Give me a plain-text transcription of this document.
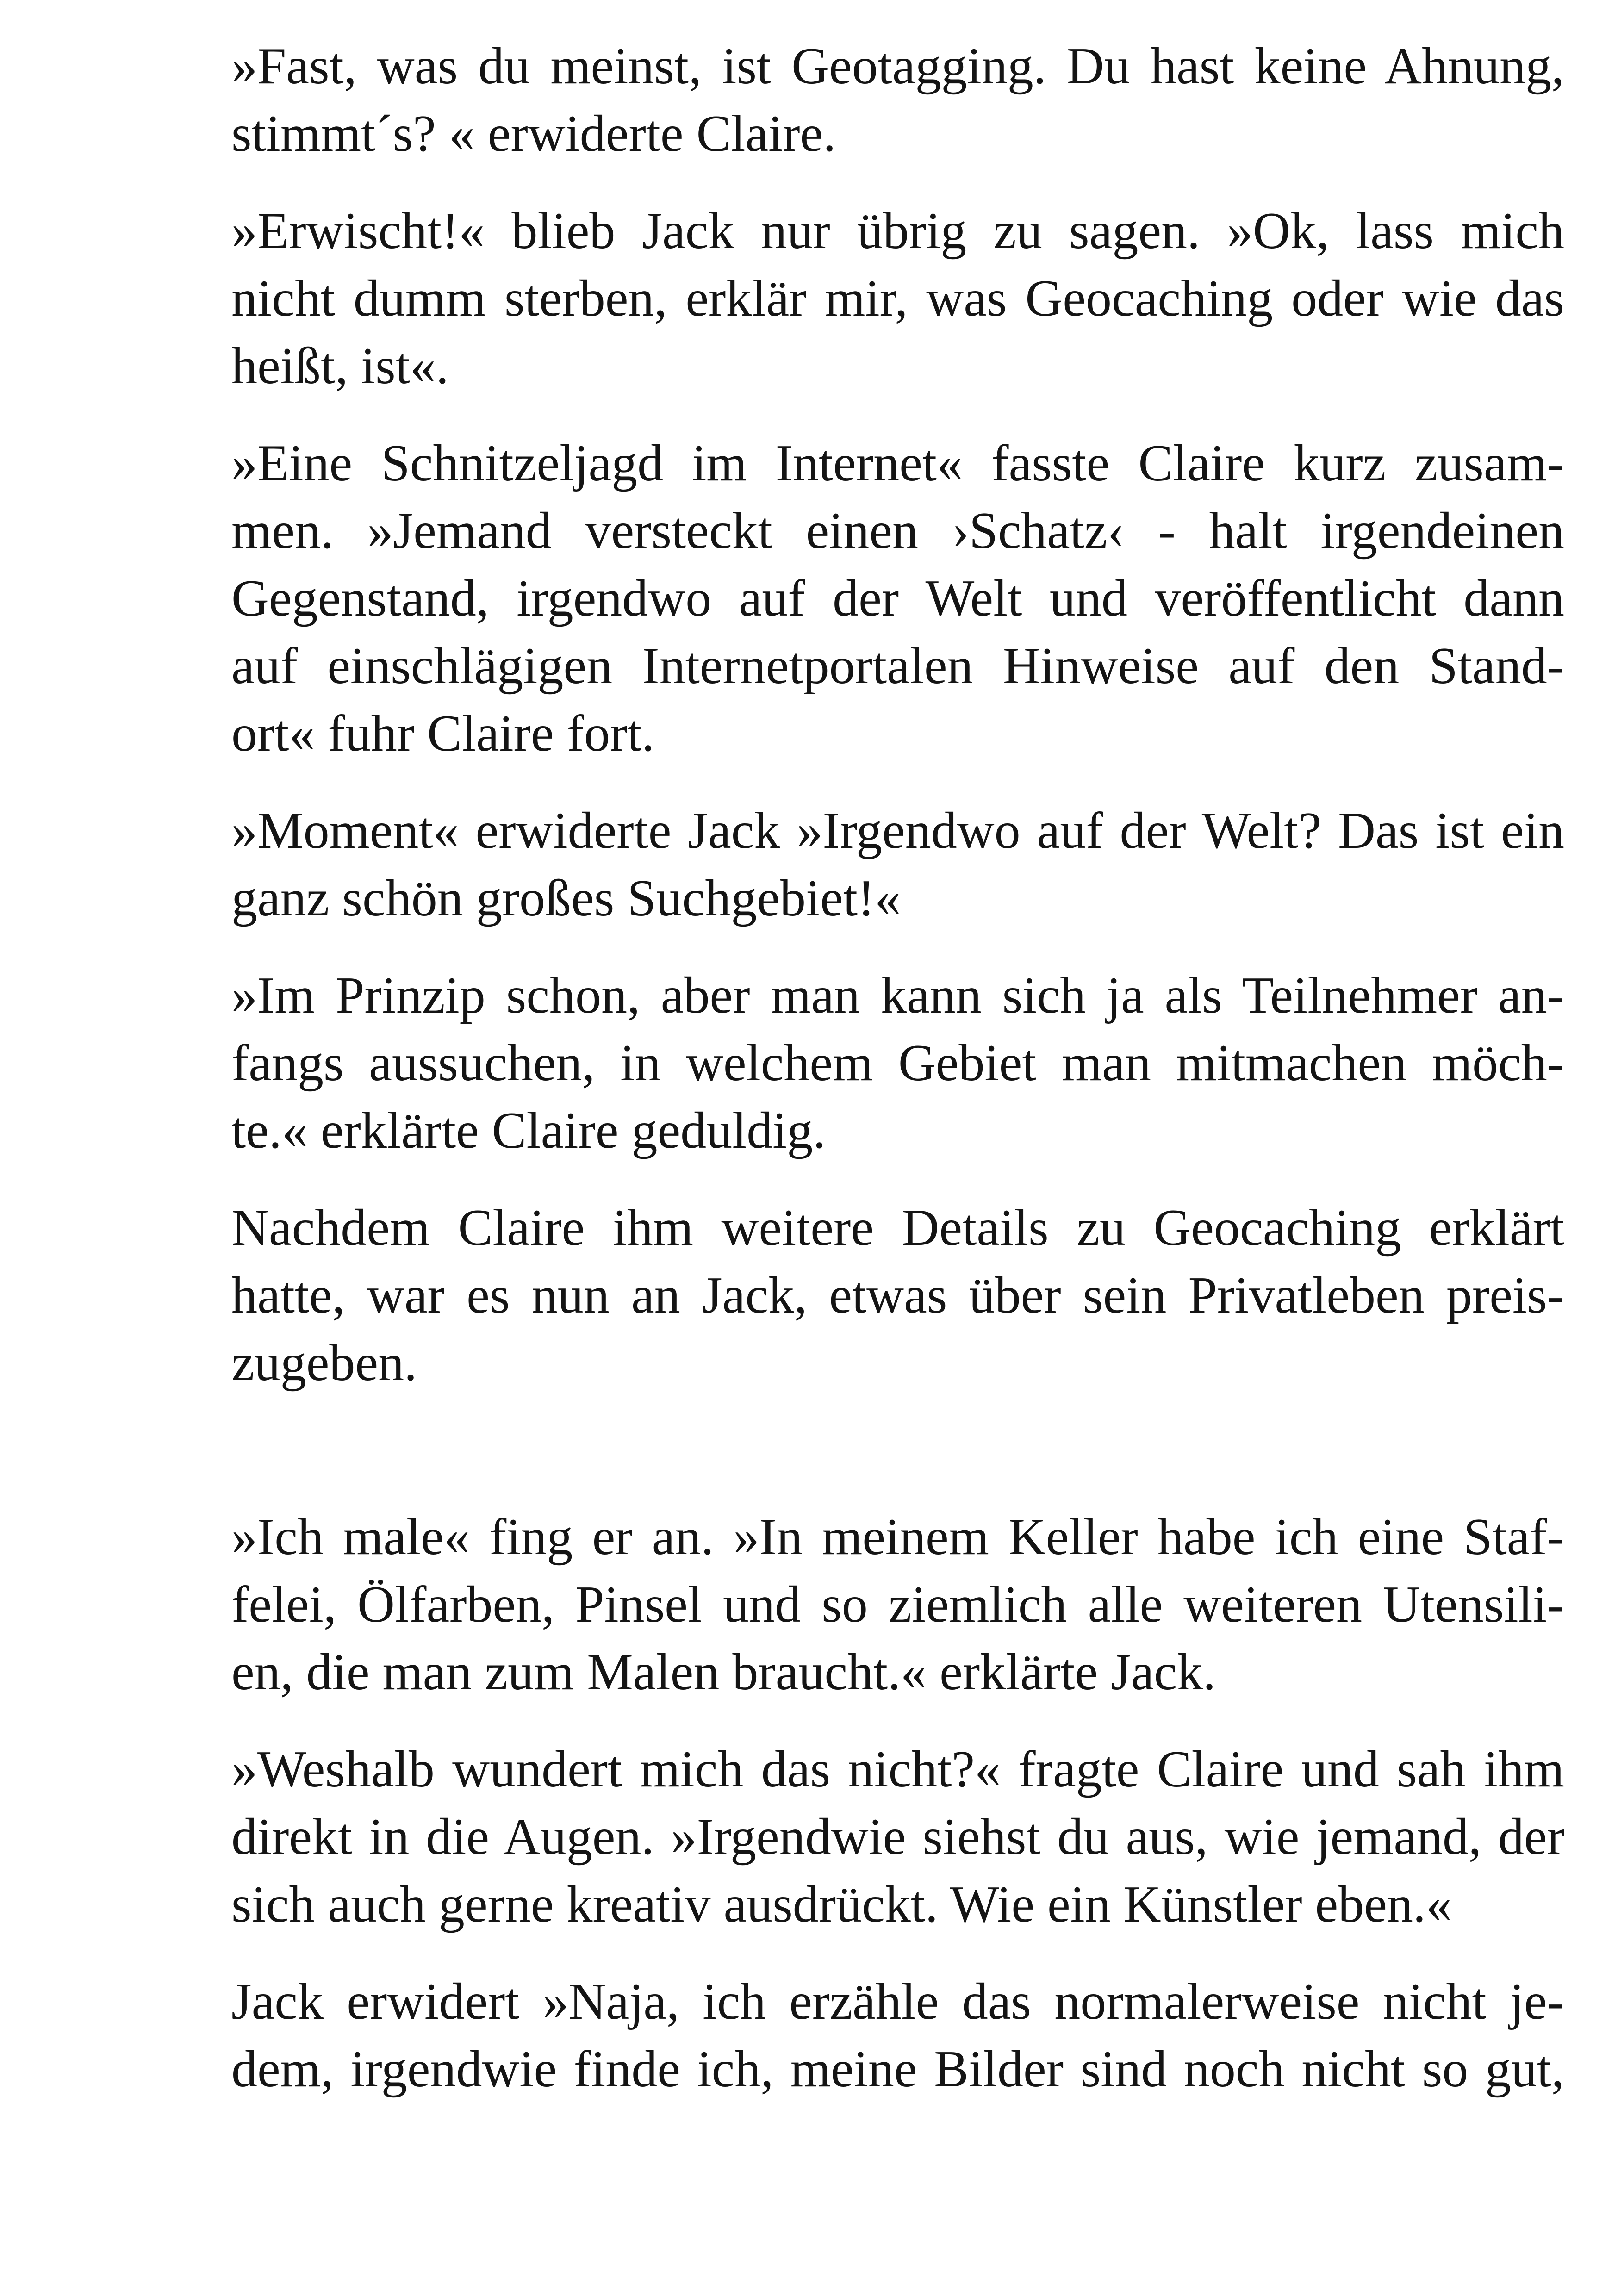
»Fast, was du meinst, ist Geotagging. Du hast keine Ahnung,
stimmt´s? « erwiderte Claire.

»Erwischt!« blieb Jack nur übrig zu sagen. »Ok, lass mich
nicht dumm sterben, erklär mir, was Geocaching oder wie das
heißt, ist«.

»Eine Schnitzeljagd im Internet« fasste Claire kurz zusam-
men. »Jemand versteckt einen ›Schatz‹ - halt irgendeinen
Gegenstand, irgendwo auf der Welt und veröffentlicht dann
auf einschlägigen Internetportalen Hinweise auf den Stand-
ort« fuhr Claire fort.

»Moment« erwiderte Jack »Irgendwo auf der Welt? Das ist ein
ganz schön großes Suchgebiet!«

»Im Prinzip schon, aber man kann sich ja als Teilnehmer an-
fangs aussuchen, in welchem Gebiet man mitmachen möch-
te.« erklärte Claire geduldig.

Nachdem Claire ihm weitere Details zu Geocaching erklärt
hatte, war es nun an Jack, etwas über sein Privatleben preis-
zugeben.

»Ich male« fing er an. »In meinem Keller habe ich eine Staf-
felei, Ölfarben, Pinsel und so ziemlich alle weiteren Utensili-
en, die man zum Malen braucht.« erklärte Jack.

»Weshalb wundert mich das nicht?« fragte Claire und sah ihm
direkt in die Augen. »Irgendwie siehst du aus, wie jemand, der
sich auch gerne kreativ ausdrückt. Wie ein Künstler eben.«

Jack erwidert »Naja, ich erzähle das normalerweise nicht je-
dem, irgendwie finde ich, meine Bilder sind noch nicht so gut,
